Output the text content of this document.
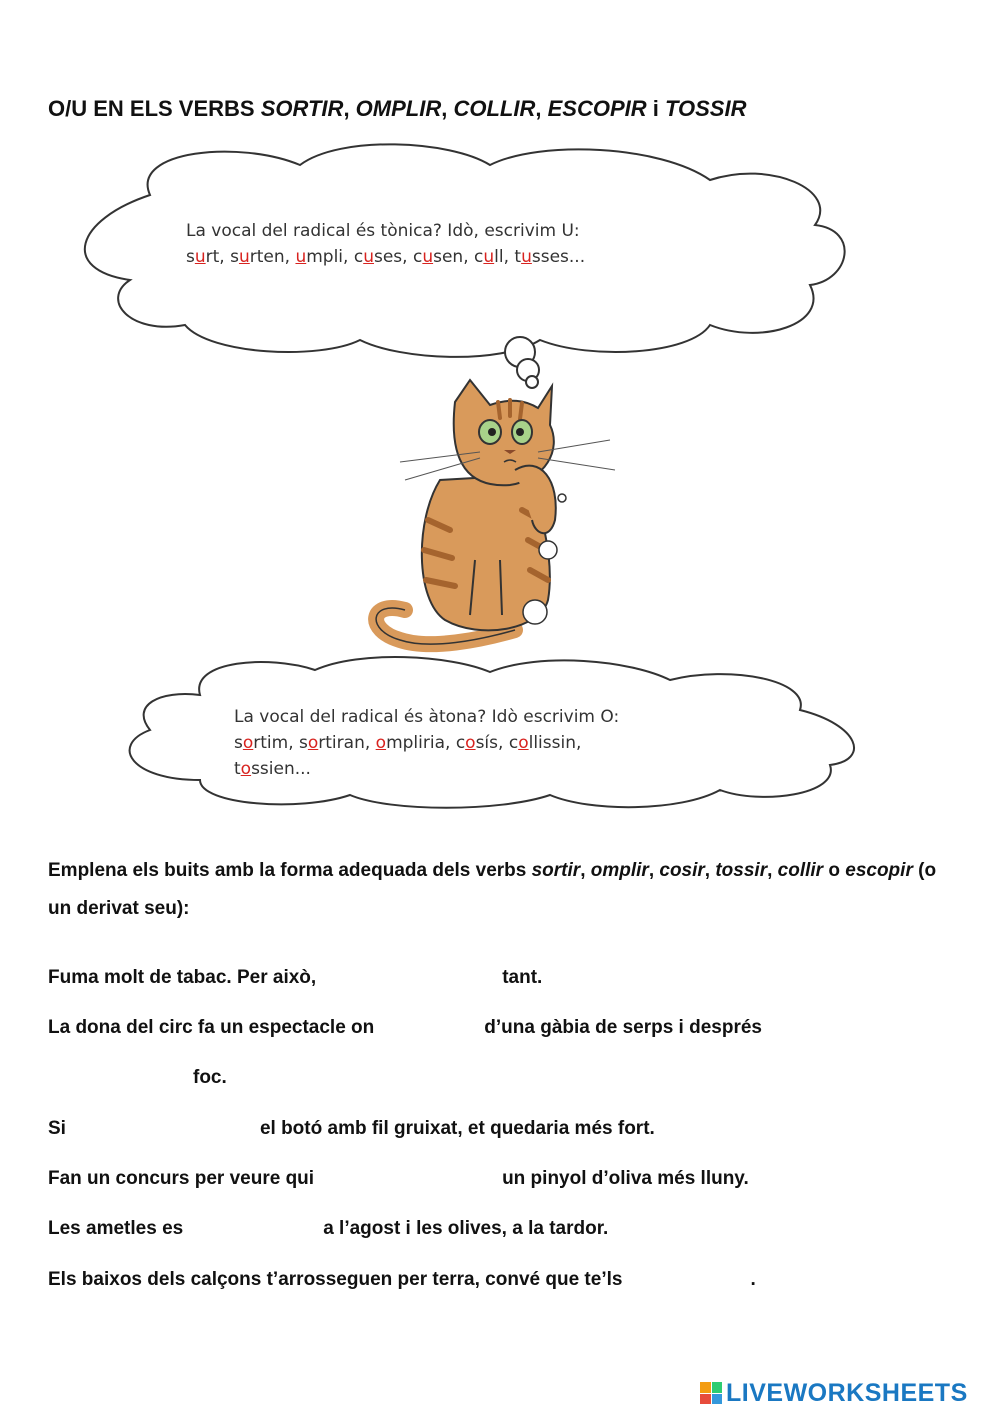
O/U EN ELS VERBS SORTIR, OMPLIR, COLLIR, ESCOPIR i TOSSIR
La vocal del radical és tònica? Idò, escrivim U:
surt, surten, umpli, cuses, cusen, cull, tusses...
La vocal del radical és àtona? Idò escrivim O:
sortim, sortiran, ompliria, cosís, collissin,
tossien...
Emplena els buits amb la forma adequada dels verbs sortir, omplir, cosir, tossir, collir o escopir (o un derivat seu):
Fuma molt de tabac. Per això,	tant.
La dona del circ fa un espectacle on	d’una gàbia de serps i després
foc.
Si	el botó amb fil gruixat, et quedaria més fort.
Fan un concurs per veure qui	un pinyol d’oliva més lluny.
Les ametles es	a l’agost i les olives, a la tardor.
Els baixos dels calçons t’arrosseguen per terra, convé que te’ls	.
LIVEWORKSHEETS
